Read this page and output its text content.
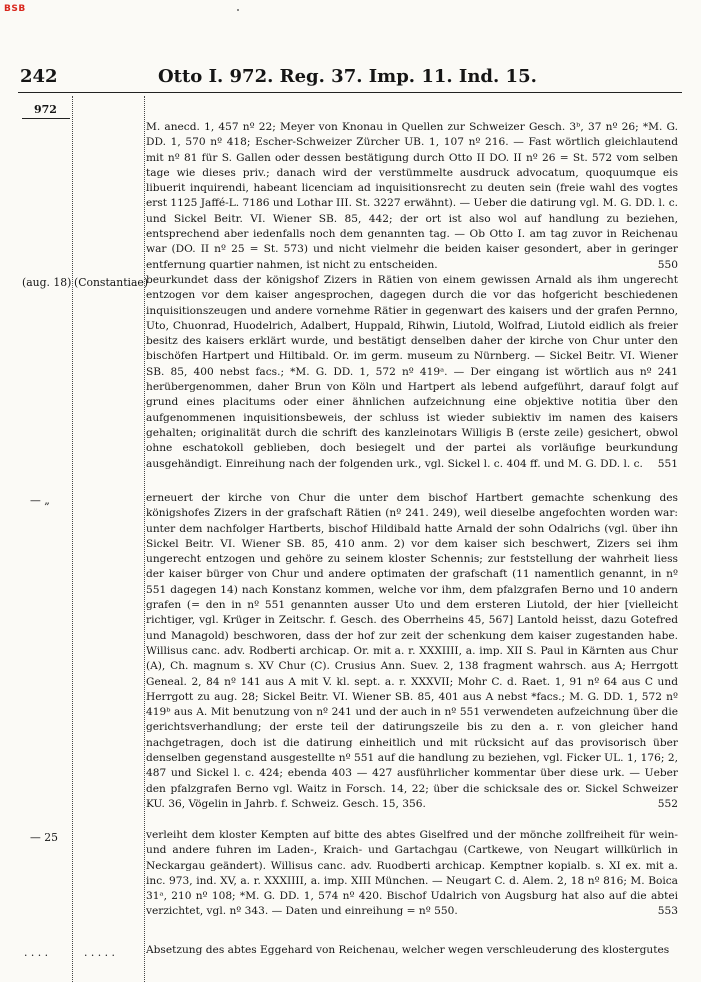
BSB
242	Otto I. 972. Reg. 37. Imp. 11. Ind. 15.
972

M. anecd. 1, 457 nº 22; Meyer von Knonau in Quellen zur Schweizer Gesch. 3ᵇ, 37 nº 26; *M. G. DD. 1, 570 nº 418; Escher-Schweizer Zürcher UB. 1, 107 nº 216. — Fast wörtlich gleichlautend mit nº 81 für S. Gallen oder dessen bestätigung durch Otto II DO. II nº 26 = St. 572 vom selben tage wie dieses priv.; danach wird der verstümmelte ausdruck advocatum, quoquumque eis libuerit inquirendi, habeant licenciam ad inquisitionsrecht zu deuten sein (freie wahl des vogtes erst 1125 Jaffé-L. 7186 und Lothar III. St. 3227 erwähnt). — Ueber die datirung vgl. M. G. DD. l. c. und Sickel Beitr. VI. Wiener SB. 85, 442; der ort ist also wol auf handlung zu beziehen, entsprechend aber iedenfalls noch dem genannten tag. — Ob Otto I. am tag zuvor in Reichenau war (DO. II nº 25 = St. 573) und nicht vielmehr die beiden kaiser gesondert, aber in geringer entfernung quartier nahmen, ist nicht zu entscheiden.	550
(aug. 18) (Constantiae)

beurkundet dass der königshof Zizers in Rätien von einem gewissen Arnald als ihm ungerecht entzogen vor dem kaiser angesprochen, dagegen durch die vor das hofgericht beschiedenen inquisitionszeugen und andere vornehme Rätier in gegenwart des kaisers und der grafen Pernno, Uto, Chuonrad, Huodelrich, Adalbert, Huppald, Rihwin, Liutold, Wolfrad, Liutold eidlich als freier besitz des kaisers erklärt wurde, und bestätigt denselben daher der kirche von Chur unter den bischöfen Hartpert und Hiltibald. Or. im germ. museum zu Nürnberg. — Sickel Beitr. VI. Wiener SB. 85, 400 nebst facs.; *M. G. DD. 1, 572 nº 419ᵃ. — Der eingang ist wörtlich aus nº 241 herübergenommen, daher Brun von Köln und Hartpert als lebend aufgeführt, darauf folgt auf grund eines placitums oder einer ähnlichen aufzeichnung eine objektive notitia über den aufgenommenen inquisitionsbeweis, der schluss ist wieder subiektiv im namen des kaisers gehalten; originalität durch die schrift des kanzleinotars Willigis B (erste zeile) gesichert, obwol ohne eschatokoll geblieben, doch besiegelt und der partei als vorläufige beurkundung ausgehändigt. Einreihung nach der folgenden urk., vgl. Sickel l. c. 404 ff. und M. G. DD. l. c.	551
— „	erneuert der kirche von Chur die unter dem bischof Hartbert gemachte schenkung des königshofes Zizers in der grafschaft Rätien (nº 241. 249), weil dieselbe angefochten worden war: unter dem nachfolger Hartberts, bischof Hildibald hatte Arnald der sohn Odalrichs (vgl. über ihn Sickel Beitr. VI. Wiener SB. 85, 410 anm. 2) vor dem kaiser sich beschwert, Zizers sei ihm ungerecht entzogen und gehöre zu seinem kloster Schennis; zur feststellung der wahrheit liess der kaiser bürger von Chur und andere optimaten der grafschaft (11 namentlich genannt, in nº 551 dagegen 14) nach Konstanz kommen, welche vor ihm, dem pfalzgrafen Berno und 10 andern grafen (= den in nº 551 genannten ausser Uto und dem ersteren Liutold, der hier [vielleicht richtiger, vgl. Krüger in Zeitschr. f. Gesch. des Oberrheins 45, 567] Lantold heisst, dazu Gotefred und Managold) beschworen, dass der hof zur zeit der schenkung dem kaiser zugestanden habe. Willisus canc. adv. Rodberti archicap. Or. mit a. r. XXXIIII, a. imp. XII S. Paul in Kärnten aus Chur (A), Ch. magnum s. XV Chur (C). Crusius Ann. Suev. 2, 138 fragment wahrsch. aus A; Herrgott Geneal. 2, 84 nº 141 aus A mit V. kl. sept. a. r. XXXVII; Mohr C. d. Raet. 1, 91 nº 64 aus C und Herrgott zu aug. 28; Sickel Beitr. VI. Wiener SB. 85, 401 aus A nebst *facs.; M. G. DD. 1, 572 nº 419ᵇ aus A. Mit benutzung von nº 241 und der auch in nº 551 verwendeten aufzeichnung über die gerichtsverhandlung; der erste teil der datirungszeile bis zu den a. r. von gleicher hand nachgetragen, doch ist die datirung einheitlich und mit rücksicht auf das provisorisch über denselben gegenstand ausgestellte nº 551 auf die handlung zu beziehen, vgl. Ficker UL. 1, 176; 2, 487 und Sickel l. c. 424; ebenda 403 — 427 ausführlicher kommentar über diese urk. — Ueber den pfalzgrafen Berno vgl. Waitz in Forsch. 14, 22; über die schicksale des or. Sickel Schweizer KU. 36, Vögelin in Jahrb. f. Schweiz. Gesch. 15, 356.	552
— 25	verleiht dem kloster Kempten auf bitte des abtes Giselfred und der mönche zollfreiheit für wein- und andere fuhren im Laden-, Kraich- und Gartachgau (Cartkewe, von Neugart willkürlich in Neckargau geändert). Willisus canc. adv. Ruodberti archicap. Kemptner kopialb. s. XI ex. mit a. inc. 973, ind. XV, a. r. XXXIIII, a. imp. XIII München. — Neugart C. d. Alem. 2, 18 nº 816; M. Boica 31ᵃ, 210 nº 108; *M. G. DD. 1, 574 nº 420. Bischof Udalrich von Augsburg hat also auf die abtei verzichtet, vgl. nº 343. — Daten und einreihung = nº 550.	553
. . . .	. . . . .	Absetzung des abtes Eggehard von Reichenau, welcher wegen verschleuderung des klostergutes
